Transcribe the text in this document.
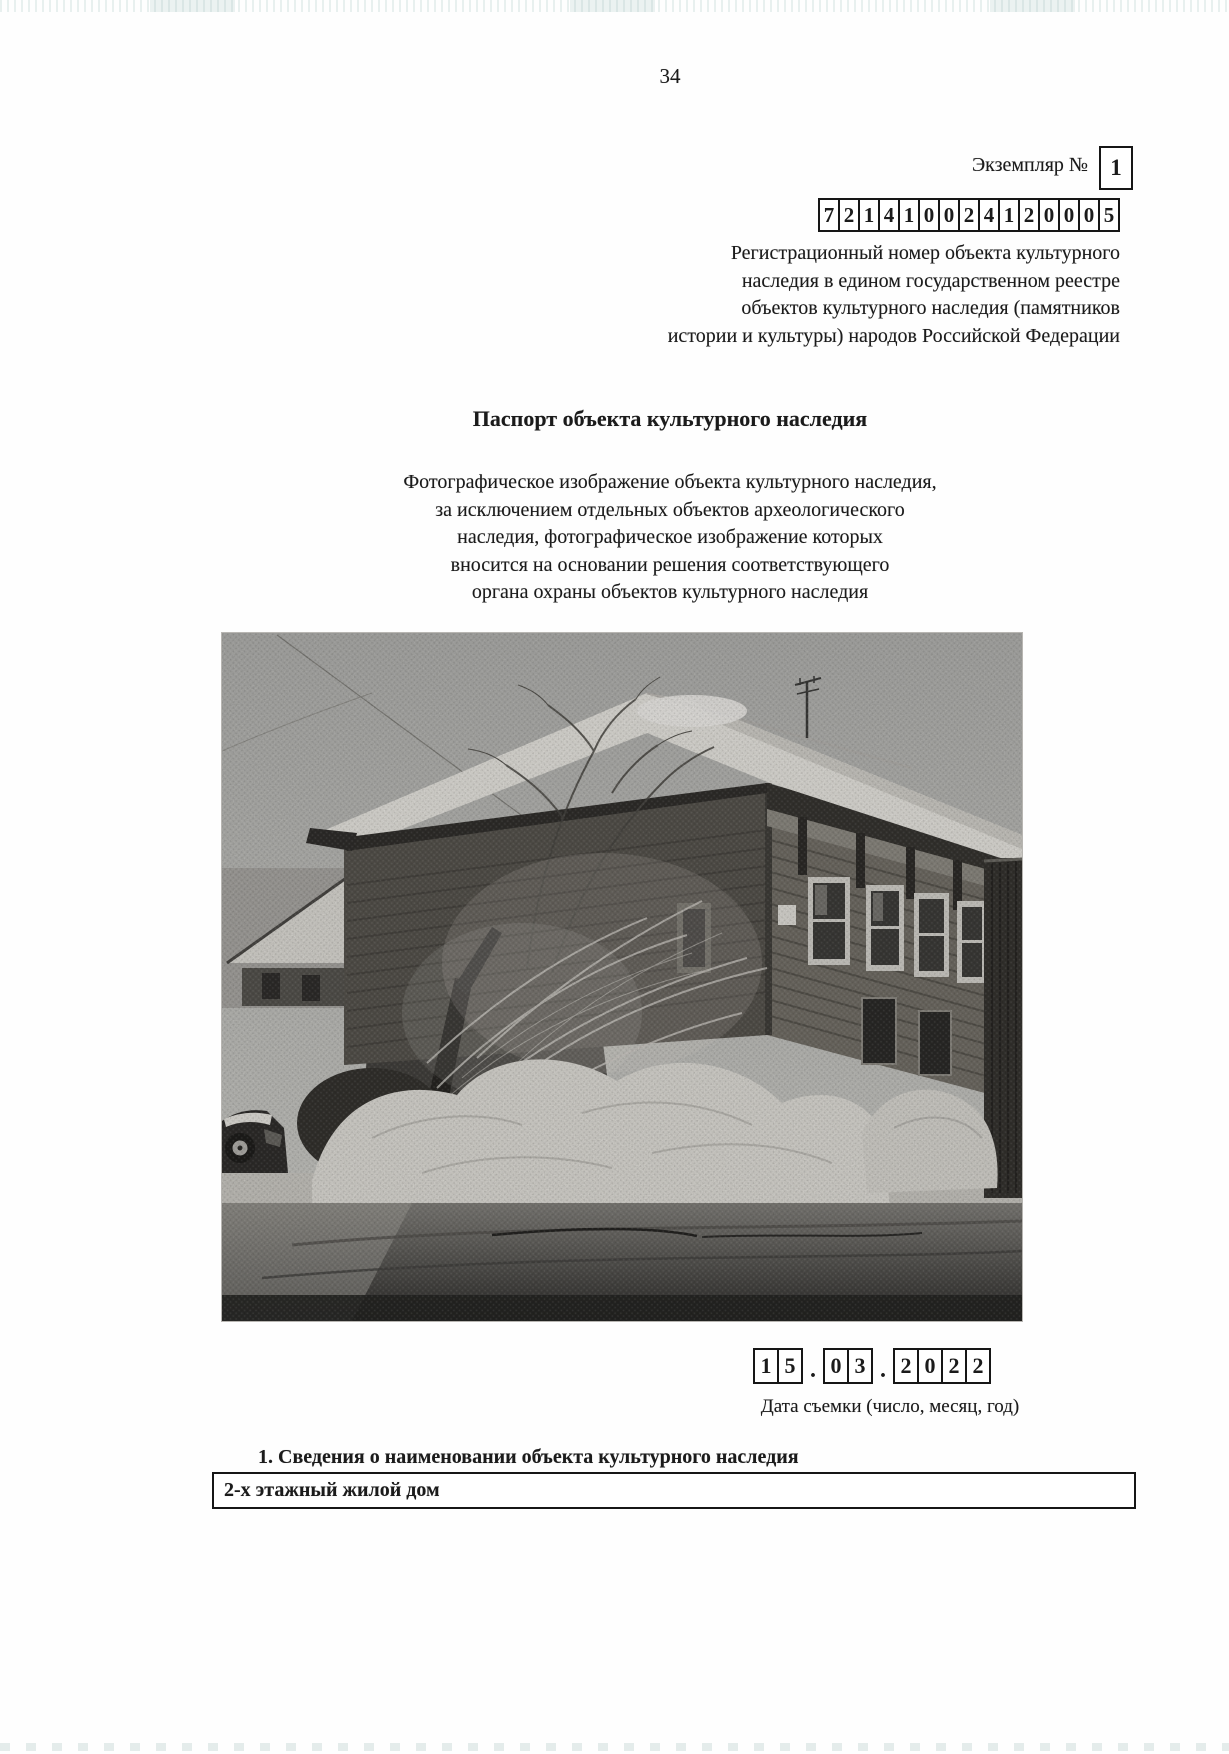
34
Экземпляр № 1
7 2 1 4 1 0 0 2 4 1 2 0 0 0 5
Регистрационный номер объекта культурного
наследия в едином государственном реестре
объектов культурного наследия (памятников
истории и культуры) народов Российской Федерации
Паспорт объекта культурного наследия
Фотографическое изображение объекта культурного наследия,
за исключением отдельных объектов археологического
наследия, фотографическое изображение которых
вносится на основании решения соответствующего
органа охраны объектов культурного наследия
1 5 . 0 3 . 2 0 2 2
Дата съемки (число, месяц, год)
1. Сведения о наименовании объекта культурного наследия
2-х этажный жилой дом
